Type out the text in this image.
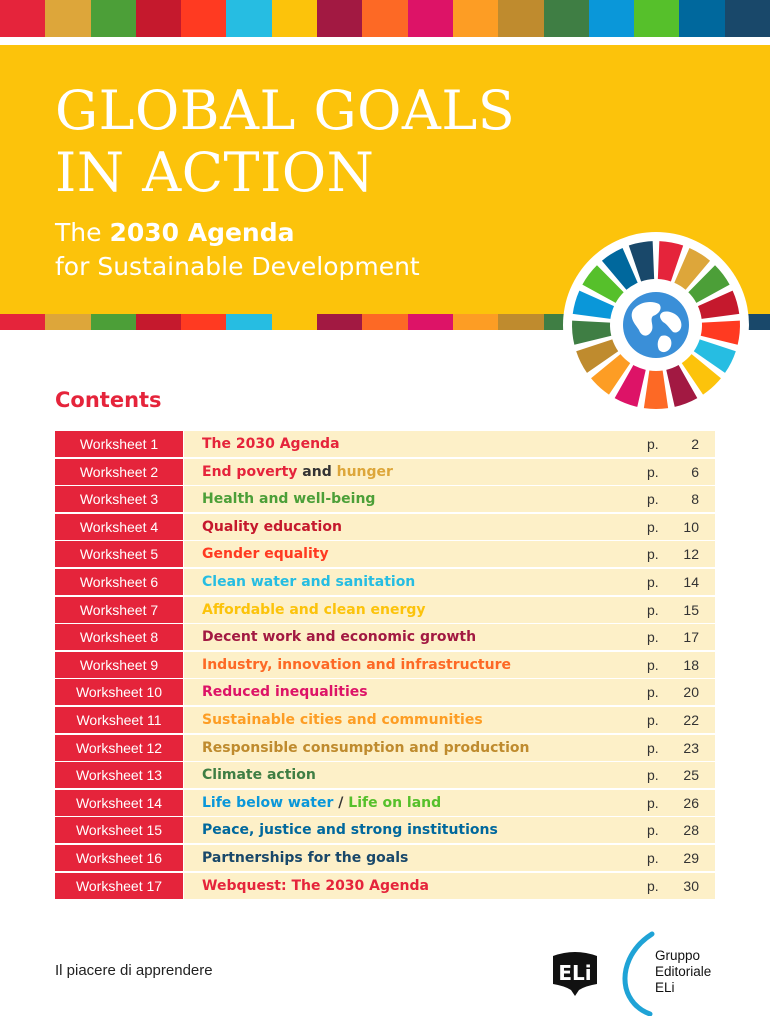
GLOBAL GOALS
IN ACTION
The 2030 Agenda
for Sustainable Development
Contents
Worksheet 1	The 2030 Agenda	p. 2
Worksheet 2	End poverty and hunger	p. 6
Worksheet 3	Health and well-being	p. 8
Worksheet 4	Quality education	p. 10
Worksheet 5	Gender equality	p. 12
Worksheet 6	Clean water and sanitation	p. 14
Worksheet 7	Affordable and clean energy	p. 15
Worksheet 8	Decent work and economic growth	p. 17
Worksheet 9	Industry, innovation and infrastructure	p. 18
Worksheet 10	Reduced inequalities	p. 20
Worksheet 11	Sustainable cities and communities	p. 22
Worksheet 12	Responsible consumption and production	p. 23
Worksheet 13	Climate action	p. 25
Worksheet 14	Life below water / Life on land	p. 26
Worksheet 15	Peace, justice and strong institutions	p. 28
Worksheet 16	Partnerships for the goals	p. 29
Worksheet 17	Webquest: The 2030 Agenda	p. 30

Il piacere di apprendere	ELi
Gruppo
Editoriale
ELi
